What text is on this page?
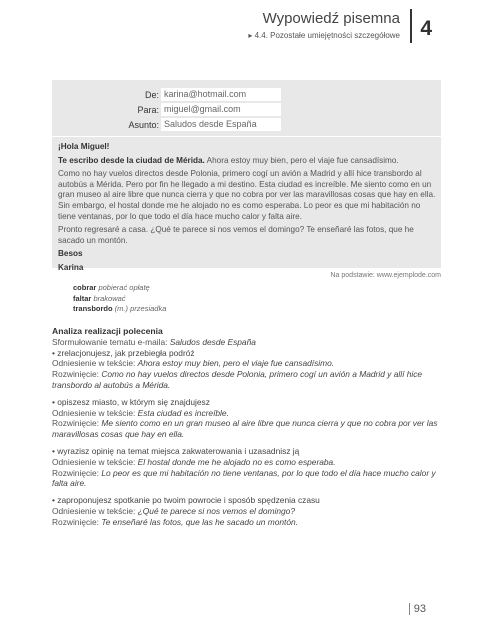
Wypowiedź pisemna
▸ 4.4. Pozostałe umiejętności szczegółowe 4
De: karina@hotmail.com
Para: miguel@gmail.com
Asunto: Saludos desde España
¡Hola Miguel!
Te escribo desde la ciudad de Mérida. Ahora estoy muy bien, pero el viaje fue cansadísimo.
Como no hay vuelos directos desde Polonia, primero cogí un avión a Madrid y allí hice transbordo al autobús a Mérida. Pero por fin he llegado a mi destino. Esta ciudad es increíble. Me siento como en un gran museo al aire libre que nunca cierra y que no cobra por ver las maravillosas cosas que hay en ella. Sin embargo, el hostal donde me he alojado no es como esperaba. Lo peor es que mi habitación no tiene ventanas, por lo que todo el día hace mucho calor y falta aire.
Pronto regresaré a casa. ¿Qué te parece si nos vemos el domingo? Te enseñaré las fotos, que he sacado un montón.
Besos
Karina
Na podstawie: www.ejemplode.com
cobrar pobierać opłatę
faltar brakować
transbordo (m.) przesiadka
Analiza realizacji polecenia
Sformułowanie tematu e-maila: Saludos desde España
• zrelacjonujesz, jak przebiegła podróż
Odniesienie w tekście: Ahora estoy muy bien, pero el viaje fue cansadísimo.
Rozwinięcie: Como no hay vuelos directos desde Polonia, primero cogí un avión a Madrid y allí hice transbordo al autobús a Mérida.
• opiszesz miasto, w którym się znajdujesz
Odniesienie w tekście: Esta ciudad es increíble.
Rozwinięcie: Me siento como en un gran museo al aire libre que nunca cierra y que no cobra por ver las maravillosas cosas que hay en ella.
• wyrazisz opinię na temat miejsca zakwaterowania i uzasadnisz ją
Odniesienie w tekście: El hostal donde me he alojado no es como esperaba.
Rozwinięcie: Lo peor es que mi habitación no tiene ventanas, por lo que todo el día hace mucho calor y falta aire.
• zaproponujesz spotkanie po twoim powrocie i sposób spędzenia czasu
Odniesienie w tekście: ¿Qué te parece si nos vemos el domingo?
Rozwinięcie: Te enseñaré las fotos, que las he sacado un montón.
93
